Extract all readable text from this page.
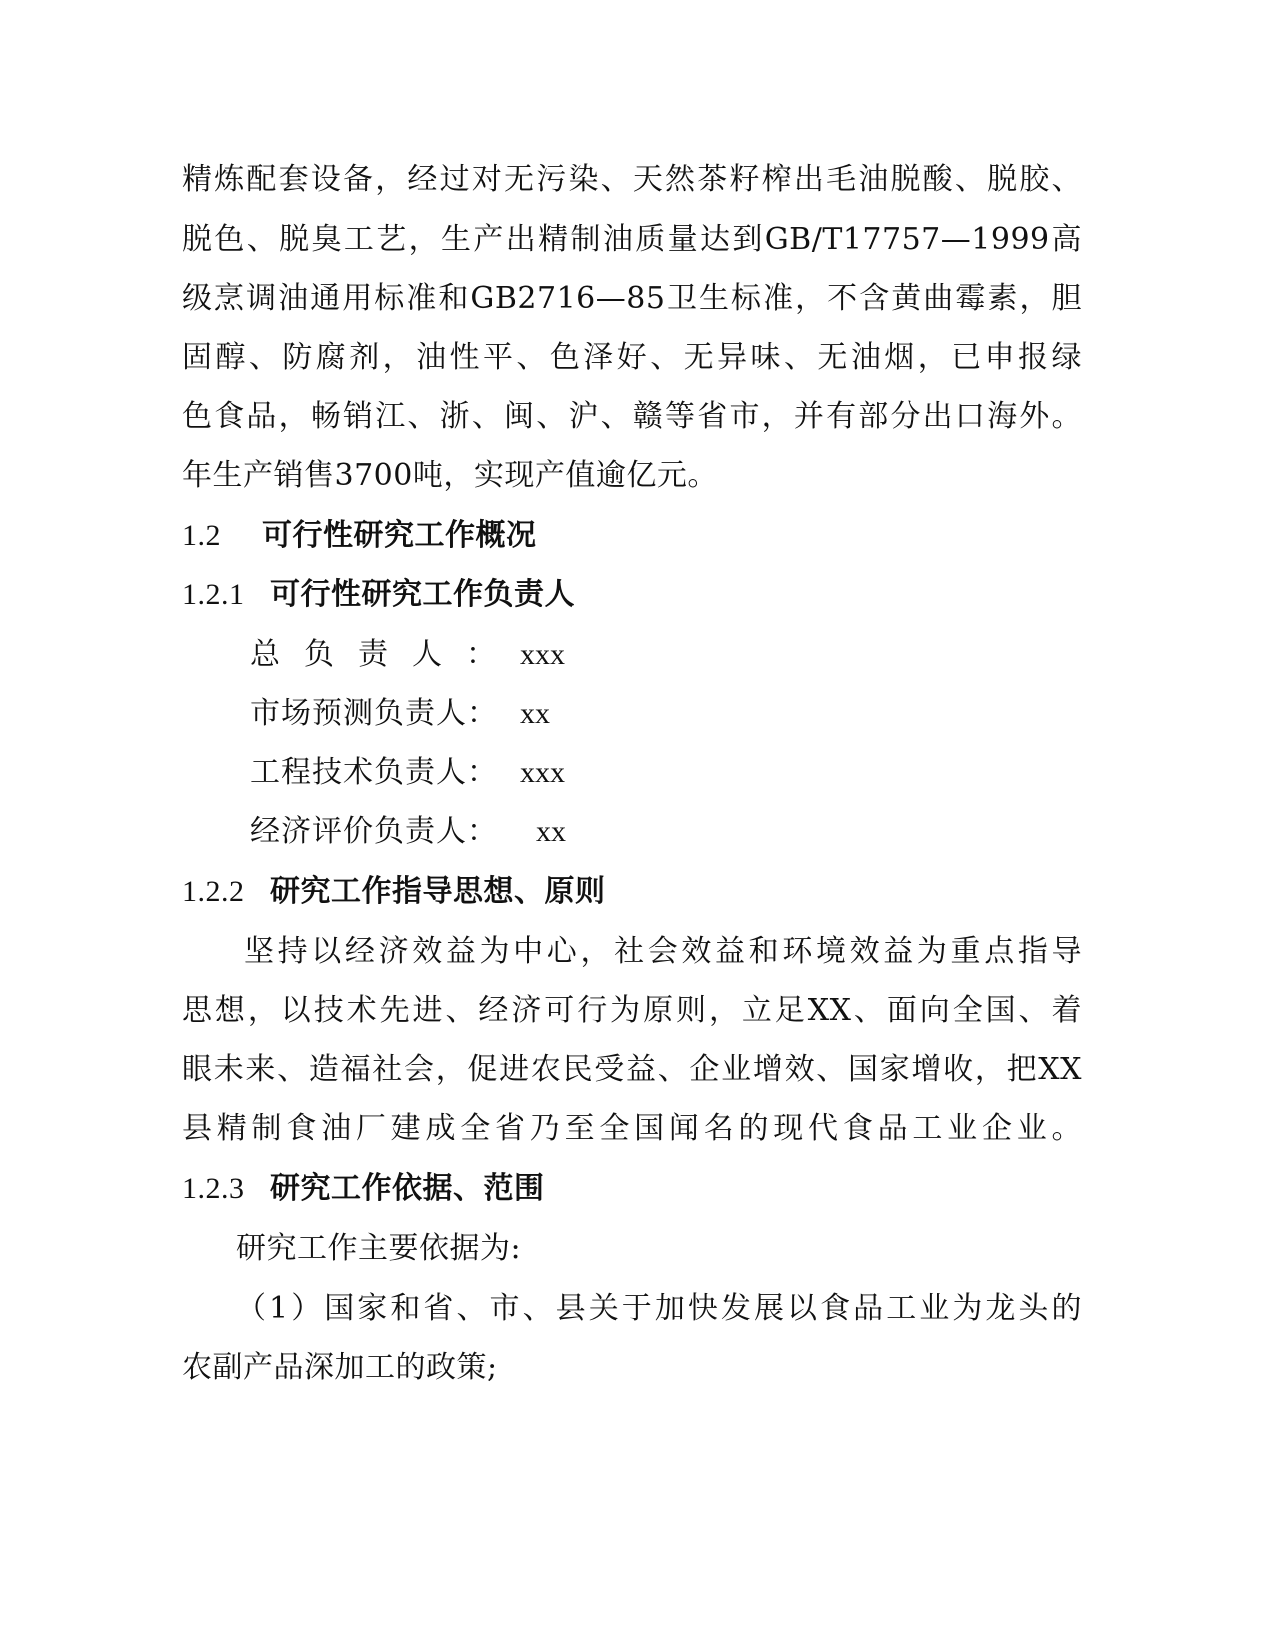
精炼配套设备，经过对无污染、天然茶籽榨出毛油脱酸、脱胶、
脱色、脱臭工艺，生产出精制油质量达到GB/T17757—1999高
级烹调油通用标准和GB2716—85卫生标准，不含黄曲霉素，胆
固醇、防腐剂，油性平、色泽好、无异味、无油烟，已申报绿
色食品，畅销江、浙、闽、沪、赣等省市，并有部分出口海外。
年生产销售3700吨，实现产值逾亿元。
1.2 可行性研究工作概况
1.2.1 可行性研究工作负责人
总负责人：xxx
市场预测负责人： xx
工程技术负责人： xxx
经济评价负责人： xx
1.2.2 研究工作指导思想、原则
坚持以经济效益为中心，社会效益和环境效益为重点指导
思想，以技术先进、经济可行为原则，立足XX、面向全国、着
眼未来、造福社会，促进农民受益、企业增效、国家增收，把XX
县精制食油厂建成全省乃至全国闻名的现代食品工业企业。
1.2.3 研究工作依据、范围
研究工作主要依据为:
（1）国家和省、市、县关于加快发展以食品工业为龙头的
农副产品深加工的政策;
